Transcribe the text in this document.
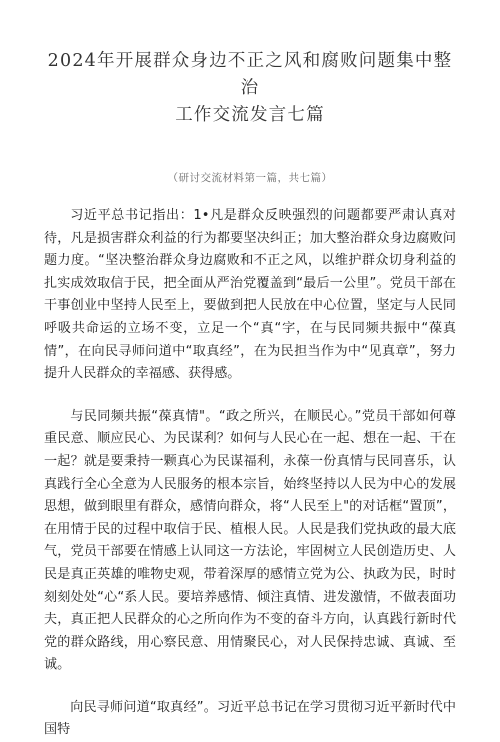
2024年开展群众身边不正之风和腐败问题集中整治
工作交流发言七篇
（研讨交流材料第一篇，共七篇）

习近平总书记指出：1•凡是群众反映强烈的问题都要严肃认真对待，凡是损害群众利益的行为都要坚决纠正；加大整治群众身边腐败问题力度。“坚决整治群众身边腐败和不正之风，以维护群众切身利益的扎实成效取信于民，把全面从严治党覆盖到“最后一公里”。党员干部在干事创业中坚持人民至上，要做到把人民放在中心位置，坚定与人民同呼吸共命运的立场不变，立足一个“真“字，在与民同频共振中“葆真情”，在向民寻师问道中“取真经”，在为民担当作为中“见真章”，努力提升人民群众的幸福感、获得感。

与民同频共振“葆真情"。“政之所兴，在顺民心。”党员干部如何尊重民意、顺应民心、为民谋利？如何与人民心在一起、想在一起、干在一起？就是要秉持一颗真心为民谋福利，永葆一份真情与民同喜乐，认真践行全心全意为人民服务的根本宗旨，始终坚持以人民为中心的发展思想，做到眼里有群众，感情向群众，将“人民至上"的对话框“置顶”，在用情于民的过程中取信于民、植根人民。人民是我们党执政的最大底气，党员干部要在情感上认同这一方法论，牢固树立人民创造历史、人民是真正英雄的唯物史观，带着深厚的感情立党为公、执政为民，时时刻刻处处“心“系人民。要培养感情、倾注真情、进发激情，不做表面功夫，真正把人民群众的心之所向作为不变的奋斗方向，认真践行新时代党的群众路线，用心察民意、用情聚民心，对人民保持忠诚、真诚、至诚。

向民寻师问道“取真经”。习近平总书记在学习贯彻习近平新时代中国特
